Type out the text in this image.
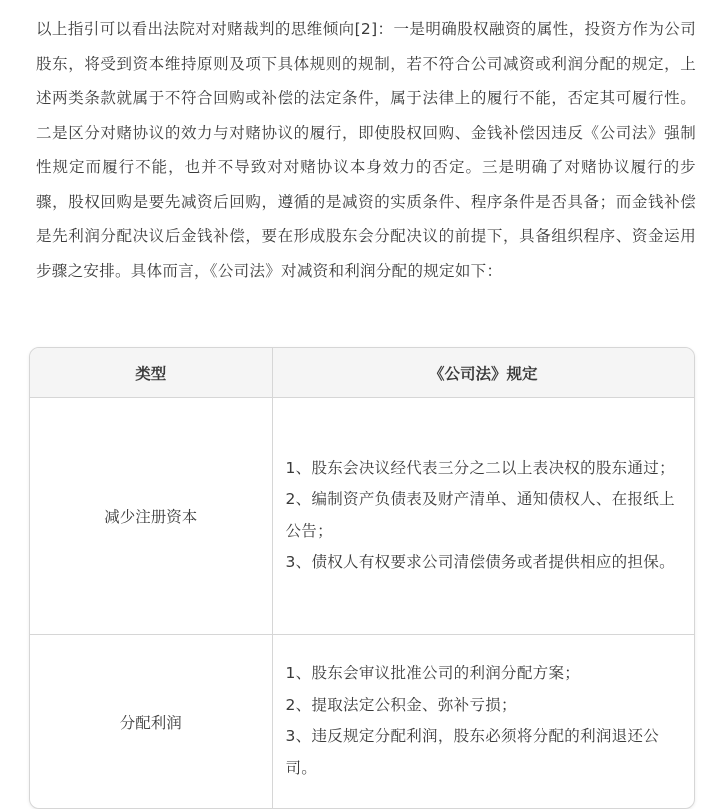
以上指引可以看出法院对对赌裁判的思维倾向[2]：一是明确股权融资的属性，投资方作为公司股东，将受到资本维持原则及项下具体规则的规制，若不符合公司减资或利润分配的规定，上述两类条款就属于不符合回购或补偿的法定条件，属于法律上的履行不能，否定其可履行性。二是区分对赌协议的效力与对赌协议的履行，即使股权回购、金钱补偿因违反《公司法》强制性规定而履行不能，也并不导致对对赌协议本身效力的否定。三是明确了对赌协议履行的步骤，股权回购是要先减资后回购，遵循的是减资的实质条件、程序条件是否具备；而金钱补偿是先利润分配决议后金钱补偿，要在形成股东会分配决议的前提下，具备组织程序、资金运用步骤之安排。具体而言，《公司法》对减资和利润分配的规定如下：

类型	《公司法》规定
减少注册资本	1、股东会决议经代表三分之二以上表决权的股东通过；
2、编制资产负债表及财产清单、通知债权人、在报纸上公告；
3、债权人有权要求公司清偿债务或者提供相应的担保。

分配利润	1、股东会审议批准公司的利润分配方案；
2、提取法定公积金、弥补亏损；
3、违反规定分配利润，股东必须将分配的利润退还公司。
